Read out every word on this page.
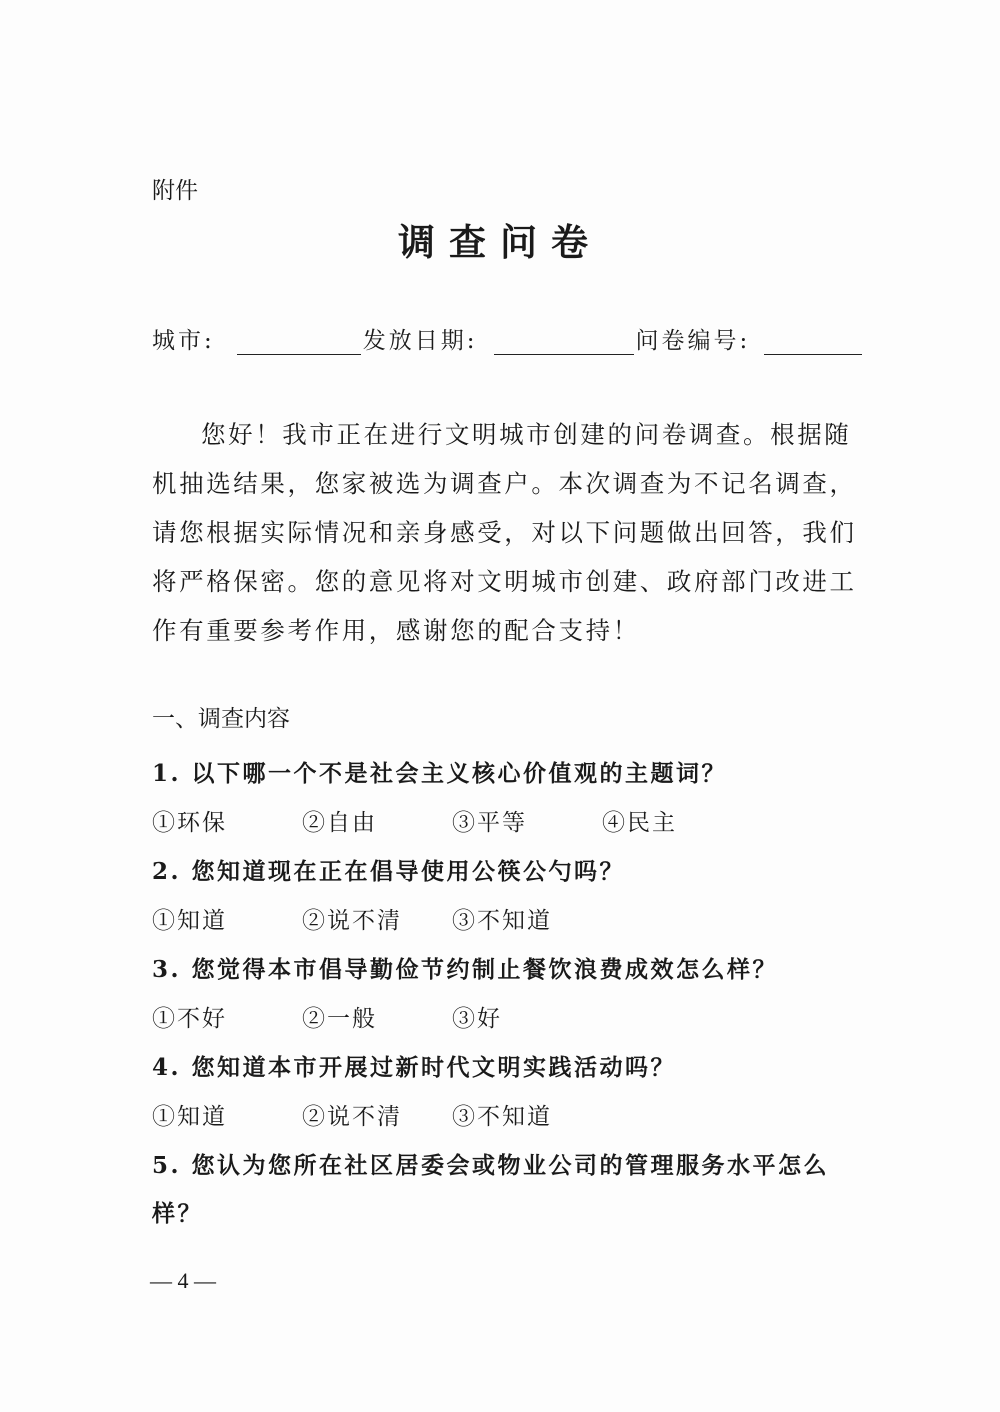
附件
调查问卷
城市:	发放日期:	问卷编号:
您好！我市正在进行文明城市创建的问卷调查。根据随机抽选结果，您家被选为调查户。本次调查为不记名调查，请您根据实际情况和亲身感受，对以下问题做出回答，我们将严格保密。您的意见将对文明城市创建、政府部门改进工作有重要参考作用，感谢您的配合支持！
一、调查内容
1. 以下哪一个不是社会主义核心价值观的主题词？
①环保	②自由	③平等	④民主
2. 您知道现在正在倡导使用公筷公勺吗？
①知道	②说不清	③不知道
3. 您觉得本市倡导勤俭节约制止餐饮浪费成效怎么样？
①不好	②一般	③好
4. 您知道本市开展过新时代文明实践活动吗？
①知道	②说不清	③不知道
5. 您认为您所在社区居委会或物业公司的管理服务水平怎么样？
— 4 —
